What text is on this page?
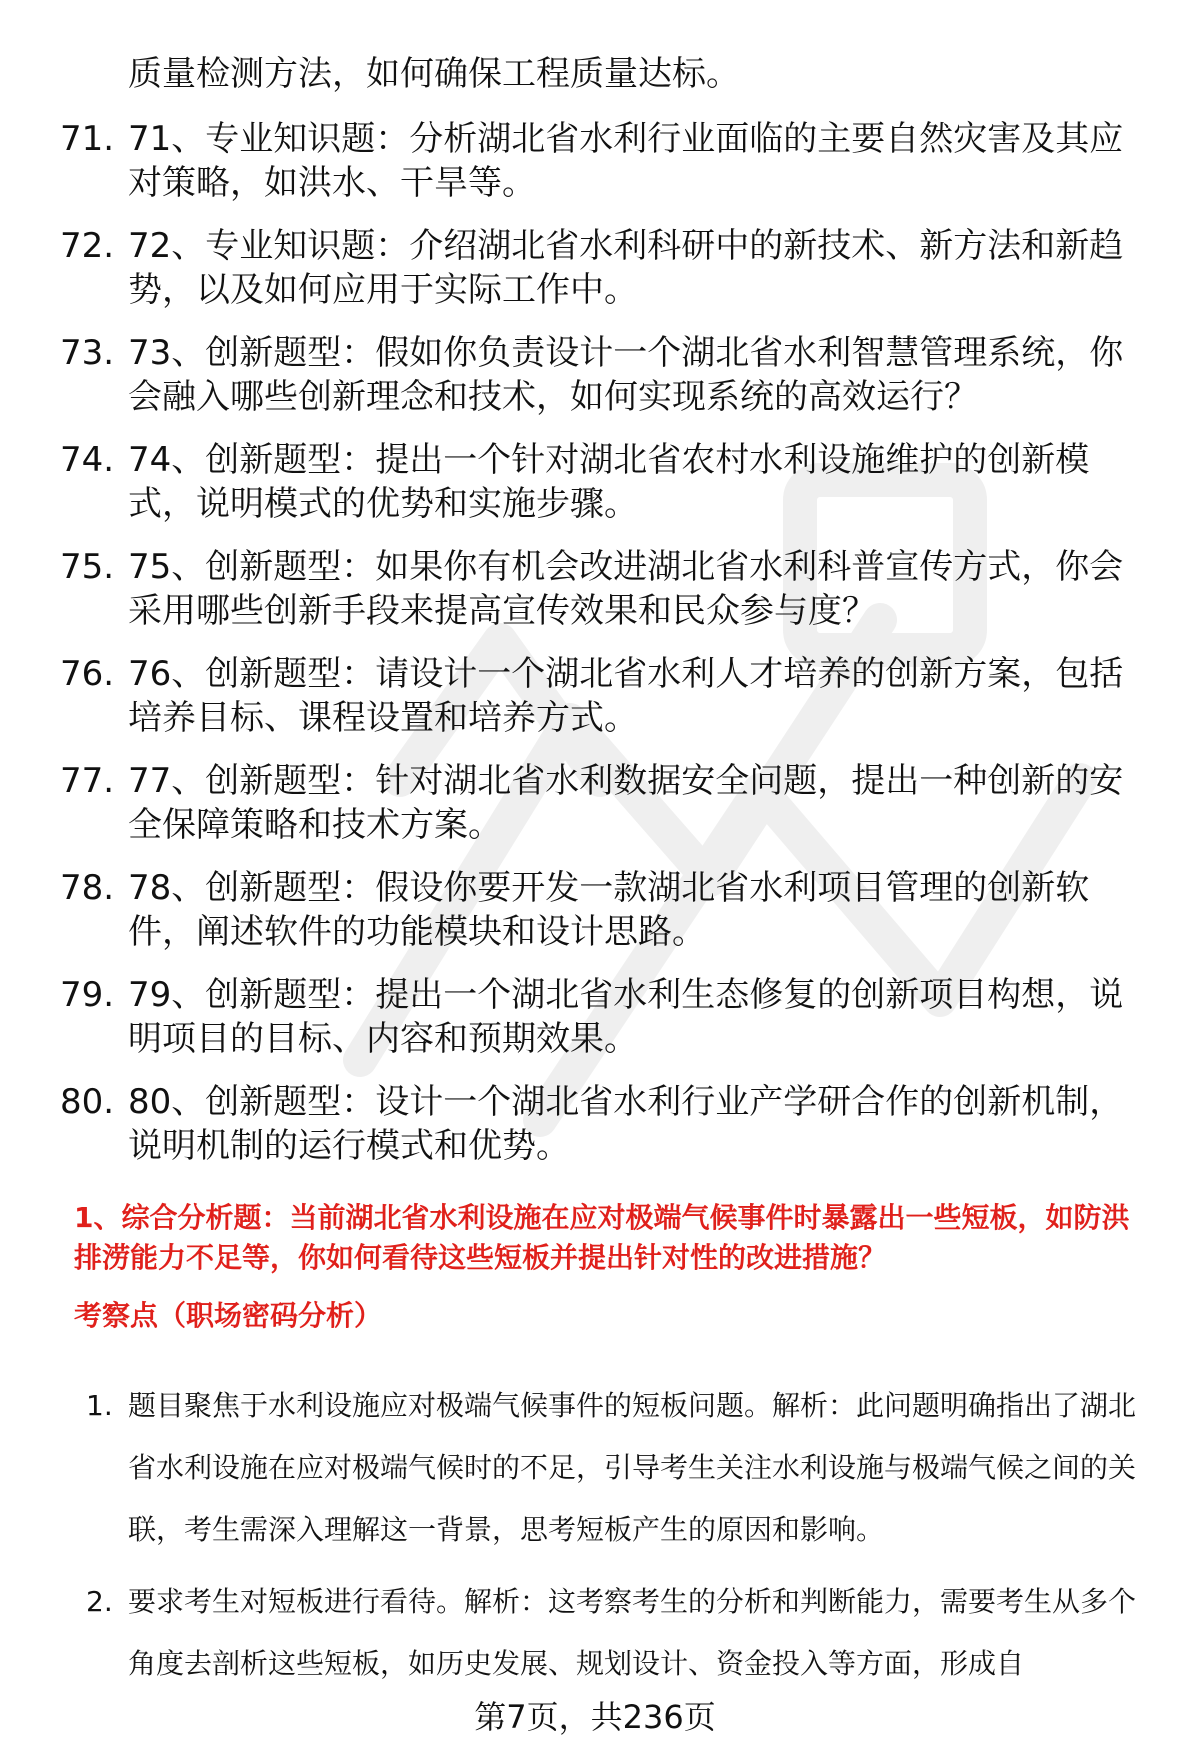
质量检测方法，如何确保工程质量达标。

71. 71、专业知识题：分析湖北省水利行业面临的主要自然灾害及其应对策略，如洪水、干旱等。
72. 72、专业知识题：介绍湖北省水利科研中的新技术、新方法和新趋势，以及如何应用于实际工作中。
73. 73、创新题型：假如你负责设计一个湖北省水利智慧管理系统，你会融入哪些创新理念和技术，如何实现系统的高效运行？
74. 74、创新题型：提出一个针对湖北省农村水利设施维护的创新模式，说明模式的优势和实施步骤。
75. 75、创新题型：如果你有机会改进湖北省水利科普宣传方式，你会采用哪些创新手段来提高宣传效果和民众参与度？
76. 76、创新题型：请设计一个湖北省水利人才培养的创新方案，包括培养目标、课程设置和培养方式。
77. 77、创新题型：针对湖北省水利数据安全问题，提出一种创新的安全保障策略和技术方案。
78. 78、创新题型：假设你要开发一款湖北省水利项目管理的创新软件，阐述软件的功能模块和设计思路。
79. 79、创新题型：提出一个湖北省水利生态修复的创新项目构想，说明项目的目标、内容和预期效果。
80. 80、创新题型：设计一个湖北省水利行业产学研合作的创新机制，说明机制的运行模式和优势。

1、综合分析题：当前湖北省水利设施在应对极端气候事件时暴露出一些短板，如防洪排涝能力不足等，你如何看待这些短板并提出针对性的改进措施？

考察点（职场密码分析）

1. 题目聚焦于水利设施应对极端气候事件的短板问题。解析：此问题明确指出了湖北省水利设施在应对极端气候时的不足，引导考生关注水利设施与极端气候之间的关联，考生需深入理解这一背景，思考短板产生的原因和影响。
2. 要求考生对短板进行看待。解析：这考察考生的分析和判断能力，需要考生从多个角度去剖析这些短板，如历史发展、规划设计、资金投入等方面，形成自

第7页，共236页
